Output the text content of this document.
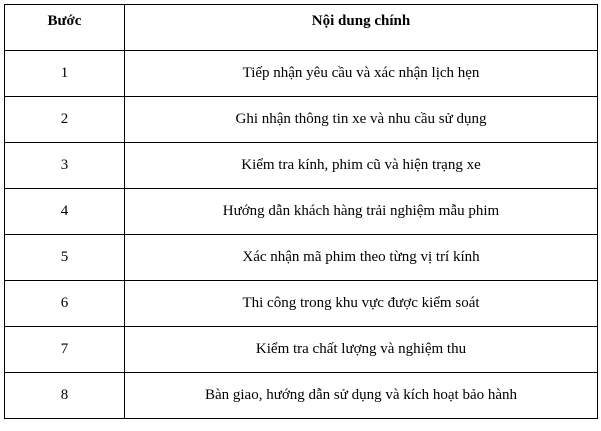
Bước	Nội dung chính
1	Tiếp nhận yêu cầu và xác nhận lịch hẹn
2	Ghi nhận thông tin xe và nhu cầu sử dụng
3	Kiểm tra kính, phim cũ và hiện trạng xe
4	Hướng dẫn khách hàng trải nghiệm mẫu phim
5	Xác nhận mã phim theo từng vị trí kính
6	Thi công trong khu vực được kiểm soát
7	Kiểm tra chất lượng và nghiệm thu
8	Bàn giao, hướng dẫn sử dụng và kích hoạt bảo hành
